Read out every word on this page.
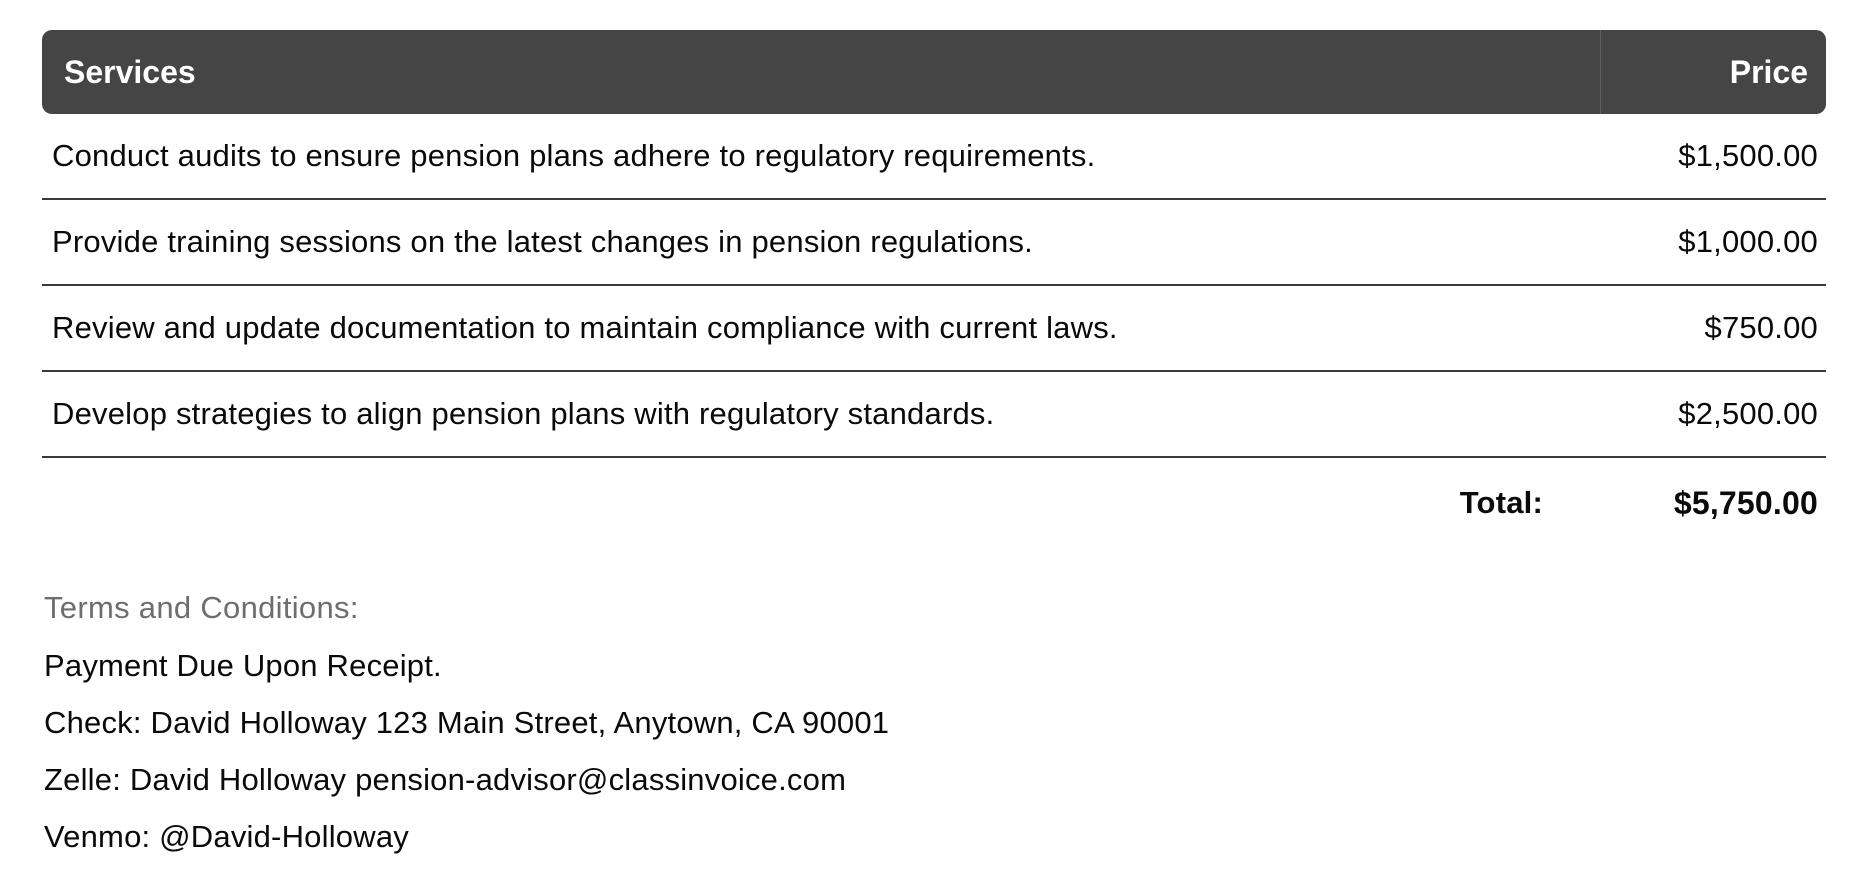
Services	Price
Conduct audits to ensure pension plans adhere to regulatory requirements.	$1,500.00
Provide training sessions on the latest changes in pension regulations.	$1,000.00
Review and update documentation to maintain compliance with current laws.	$750.00
Develop strategies to align pension plans with regulatory standards.	$2,500.00
Total:	$5,750.00
Terms and Conditions:
Payment Due Upon Receipt.
Check: David Holloway 123 Main Street, Anytown, CA 90001
Zelle: David Holloway pension-advisor@classinvoice.com
Venmo: @David-Holloway
